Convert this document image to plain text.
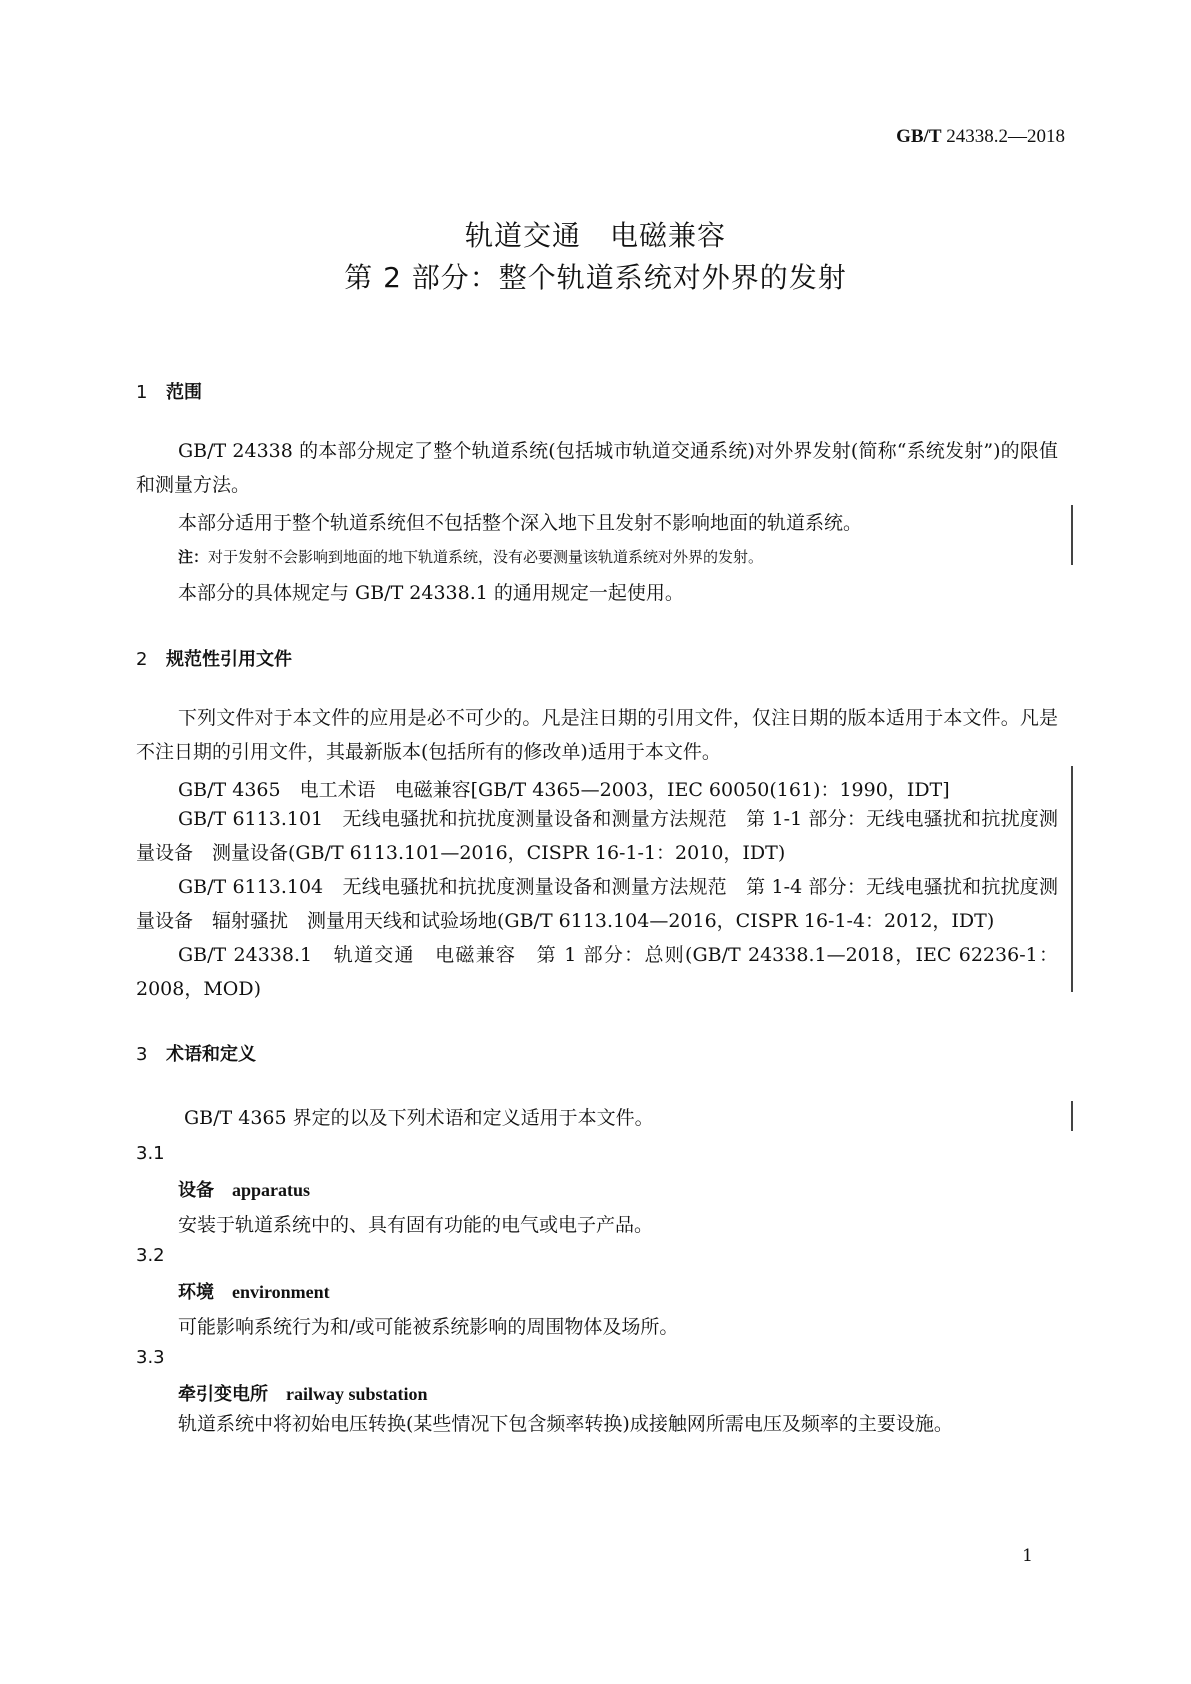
GB/T 24338.2—2018
轨道交通　电磁兼容
第 2 部分：整个轨道系统对外界的发射
1 范围
GB/T 24338 的本部分规定了整个轨道系统(包括城市轨道交通系统)对外界发射(简称“系统发射”)的限值和测量方法。
本部分适用于整个轨道系统但不包括整个深入地下且发射不影响地面的轨道系统。
注：对于发射不会影响到地面的地下轨道系统，没有必要测量该轨道系统对外界的发射。
本部分的具体规定与 GB/T 24338.1 的通用规定一起使用。
2 规范性引用文件
下列文件对于本文件的应用是必不可少的。凡是注日期的引用文件，仅注日期的版本适用于本文件。凡是不注日期的引用文件，其最新版本(包括所有的修改单)适用于本文件。
GB/T 4365　电工术语　电磁兼容[GB/T 4365—2003，IEC 60050(161)：1990，IDT]
GB/T 6113.101　无线电骚扰和抗扰度测量设备和测量方法规范　第 1-1 部分：无线电骚扰和抗扰度测量设备　测量设备(GB/T 6113.101—2016，CISPR 16-1-1：2010，IDT)
GB/T 6113.104　无线电骚扰和抗扰度测量设备和测量方法规范　第 1-4 部分：无线电骚扰和抗扰度测量设备　辐射骚扰　测量用天线和试验场地(GB/T 6113.104—2016，CISPR 16-1-4：2012，IDT)
GB/T 24338.1　轨道交通　电磁兼容　第 1 部分：总则(GB/T 24338.1—2018，IEC 62236-1：2008，MOD)
3 术语和定义
GB/T 4365 界定的以及下列术语和定义适用于本文件。
3.1
设备 apparatus
安装于轨道系统中的、具有固有功能的电气或电子产品。
3.2
环境 environment
可能影响系统行为和/或可能被系统影响的周围物体及场所。
3.3
牵引变电所 railway substation
轨道系统中将初始电压转换(某些情况下包含频率转换)成接触网所需电压及频率的主要设施。
1
